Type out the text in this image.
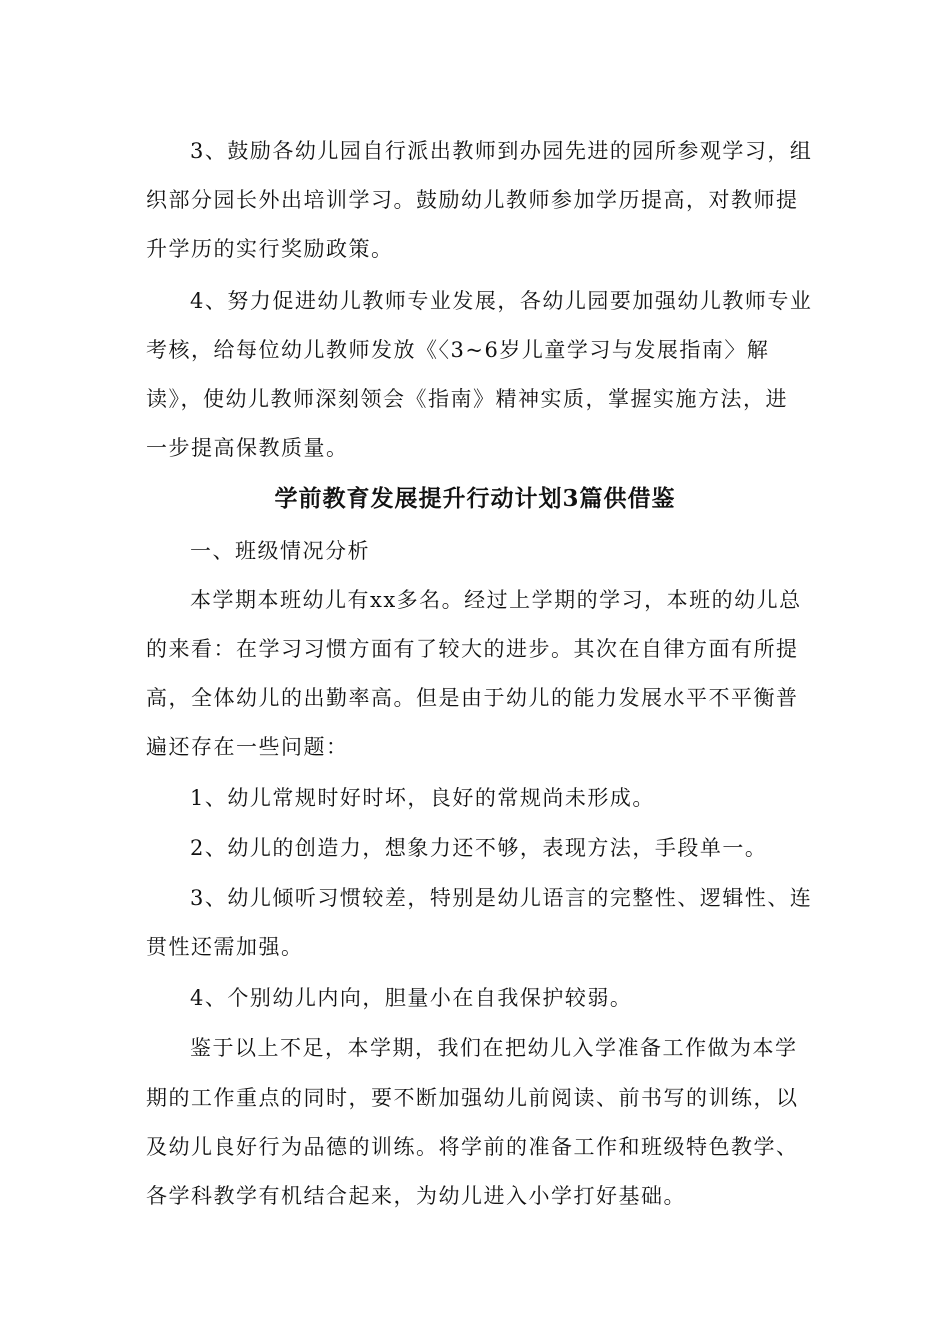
3、鼓励各幼儿园自行派出教师到办园先进的园所参观学习，组
织部分园长外出培训学习。鼓励幼儿教师参加学历提高，对教师提
升学历的实行奖励政策。
4、努力促进幼儿教师专业发展，各幼儿园要加强幼儿教师专业
考核，给每位幼儿教师发放《〈3~6岁儿童学习与发展指南〉解
读》，使幼儿教师深刻领会《指南》精神实质，掌握实施方法，进
一步提高保教质量。
学前教育发展提升行动计划3篇供借鉴
一、班级情况分析
本学期本班幼儿有xx多名。经过上学期的学习，本班的幼儿总
的来看：在学习习惯方面有了较大的进步。其次在自律方面有所提
高，全体幼儿的出勤率高。但是由于幼儿的能力发展水平不平衡普
遍还存在一些问题：
1、幼儿常规时好时坏，良好的常规尚未形成。
2、幼儿的创造力，想象力还不够，表现方法，手段单一。
3、幼儿倾听习惯较差，特别是幼儿语言的完整性、逻辑性、连
贯性还需加强。
4、个别幼儿内向，胆量小在自我保护较弱。
鉴于以上不足，本学期，我们在把幼儿入学准备工作做为本学
期的工作重点的同时，要不断加强幼儿前阅读、前书写的训练，以
及幼儿良好行为品德的训练。将学前的准备工作和班级特色教学、
各学科教学有机结合起来，为幼儿进入小学打好基础。
